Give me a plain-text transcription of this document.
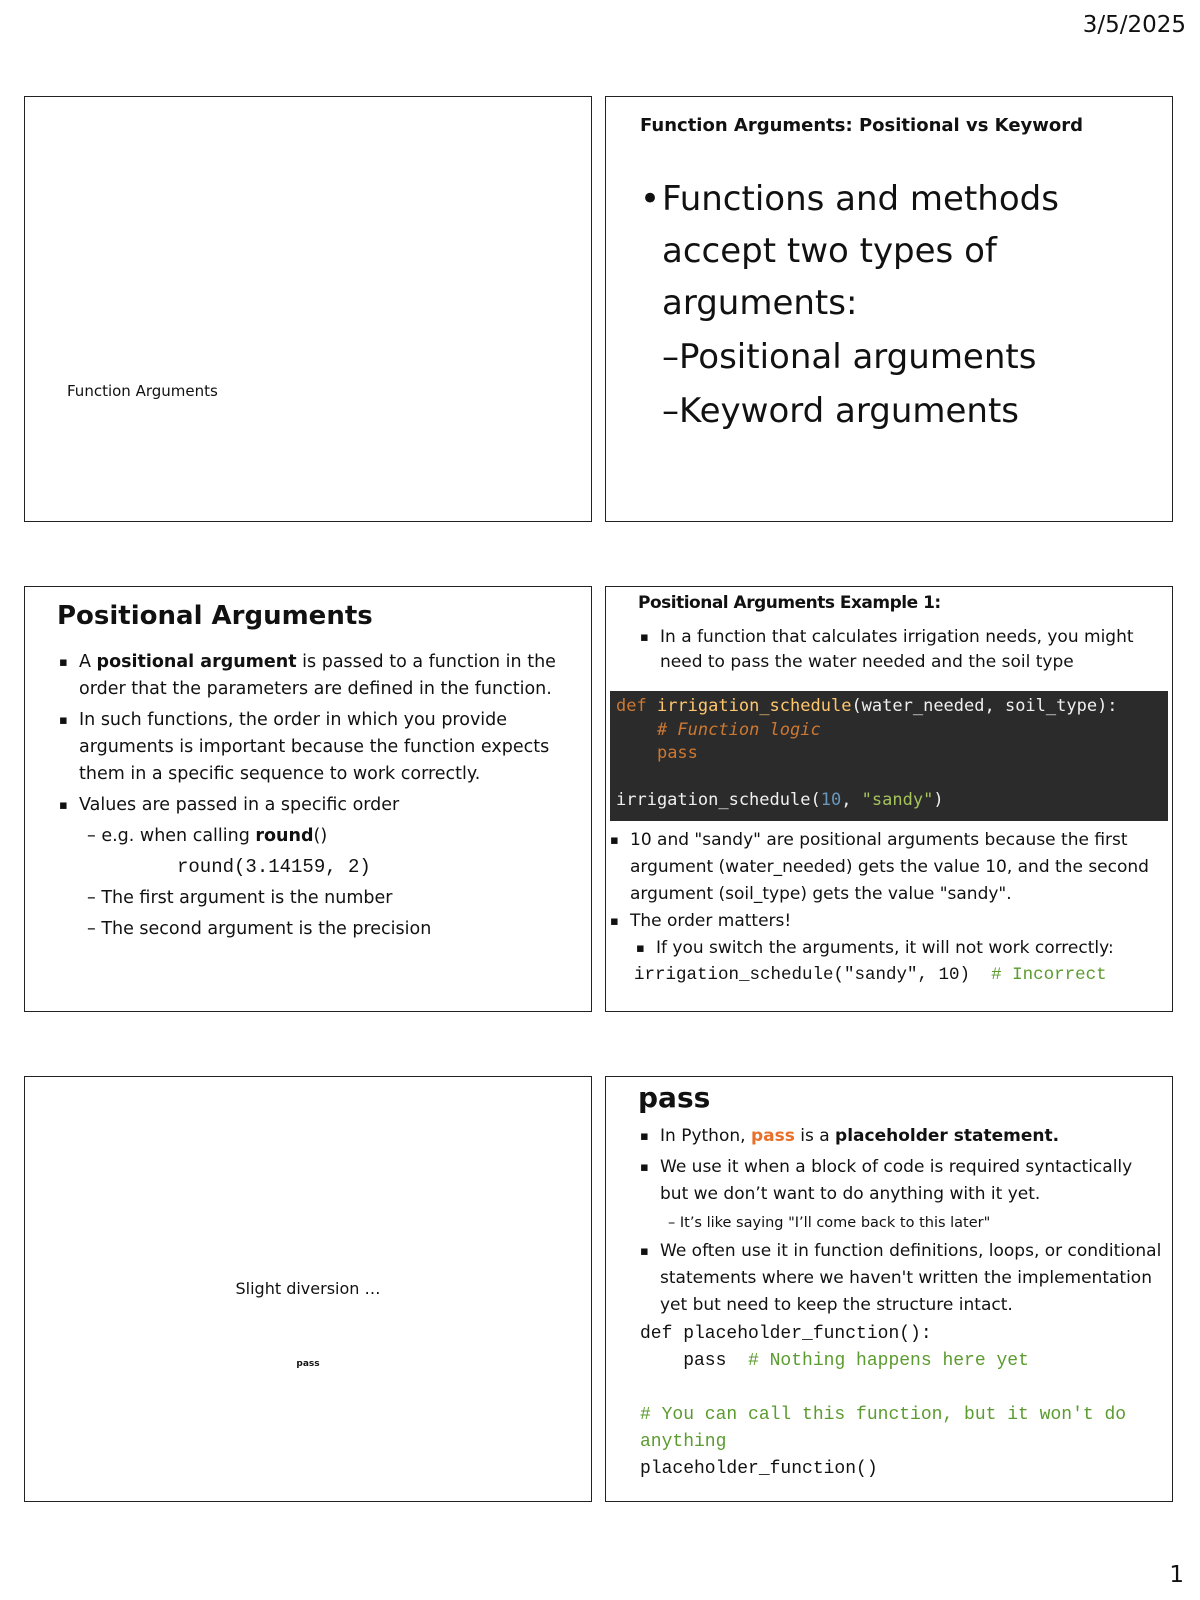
3/5/2025
Function Arguments
Function Arguments: Positional vs Keyword
• Functions and methods accept two types of arguments:
–Positional arguments
–Keyword arguments
Positional Arguments
▪ A positional argument is passed to a function in the order that the parameters are defined in the function.
▪ In such functions, the order in which you provide arguments is important because the function expects them in a specific sequence to work correctly.
▪ Values are passed in a specific order
– e.g. when calling round()
round(3.14159, 2)
– The first argument is the number
– The second argument is the precision
Positional Arguments Example 1:
▪ In a function that calculates irrigation needs, you might need to pass the water needed and the soil type
def irrigation_schedule(water_needed, soil_type):
# Function logic
pass

irrigation_schedule(10, "sandy")
▪ 10 and "sandy" are positional arguments because the first argument (water_needed) gets the value 10, and the second argument (soil_type) gets the value "sandy".
▪ The order matters!
▪ If you switch the arguments, it will not work correctly:
irrigation_schedule("sandy", 10) # Incorrect
Slight diversion …
pass
pass
▪ In Python, pass is a placeholder statement.
▪ We use it when a block of code is required syntactically but we don’t want to do anything with it yet.
– It’s like saying "I’ll come back to this later"
▪ We often use it in function definitions, loops, or conditional statements where we haven't written the implementation yet but need to keep the structure intact.
def placeholder_function():
pass  # Nothing happens here yet
# You can call this function, but it won't do anything
placeholder_function()
1
